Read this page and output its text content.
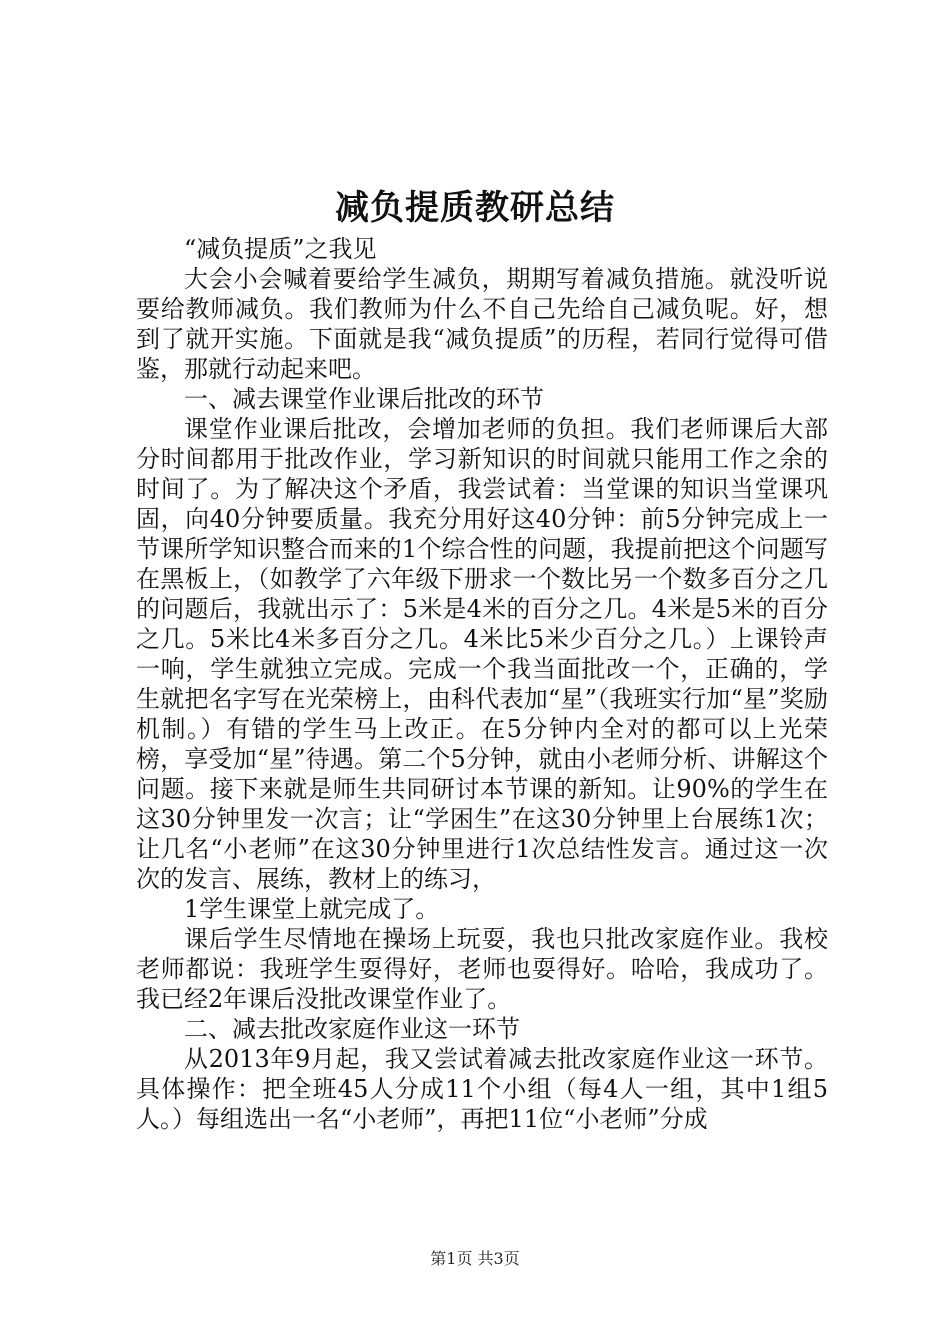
减负提质教研总结

“减负提质”之我见

大会小会喊着要给学生减负，期期写着减负措施。就没听说要给教师减负。我们教师为什么不自己先给自己减负呢。好，想到了就开实施。下面就是我“减负提质”的历程，若同行觉得可借鉴，那就行动起来吧。

一、减去课堂作业课后批改的环节

课堂作业课后批改，会增加老师的负担。我们老师课后大部分时间都用于批改作业，学习新知识的时间就只能用工作之余的时间了。为了解决这个矛盾，我尝试着：当堂课的知识当堂课巩固，向40分钟要质量。我充分用好这40分钟：前5分钟完成上一节课所学知识整合而来的1个综合性的问题，我提前把这个问题写在黑板上，（如教学了六年级下册求一个数比另一个数多百分之几的问题后，我就出示了：5米是4米的百分之几。4米是5米的百分之几。5米比4米多百分之几。4米比5米少百分之几。）上课铃声一响，学生就独立完成。完成一个我当面批改一个，正确的，学生就把名字写在光荣榜上，由科代表加“星”（我班实行加“星”奖励机制。）有错的学生马上改正。在5分钟内全对的都可以上光荣榜，享受加“星”待遇。第二个5分钟，就由小老师分析、讲解这个问题。接下来就是师生共同研讨本节课的新知。让90%的学生在这30分钟里发一次言；让“学困生”在这30分钟里上台展练1次；让几名“小老师”在这30分钟里进行1次总结性发言。通过这一次次的发言、展练，教材上的练习，

1学生课堂上就完成了。

课后学生尽情地在操场上玩耍，我也只批改家庭作业。我校老师都说：我班学生耍得好，老师也耍得好。哈哈，我成功了。我已经2年课后没批改课堂作业了。

二、减去批改家庭作业这一环节

从2013年9月起，我又尝试着减去批改家庭作业这一环节。具体操作：把全班45人分成11个小组（每4人一组，其中1组5人。）每组选出一名“小老师”，再把11位“小老师”分成

第1页 共3页
